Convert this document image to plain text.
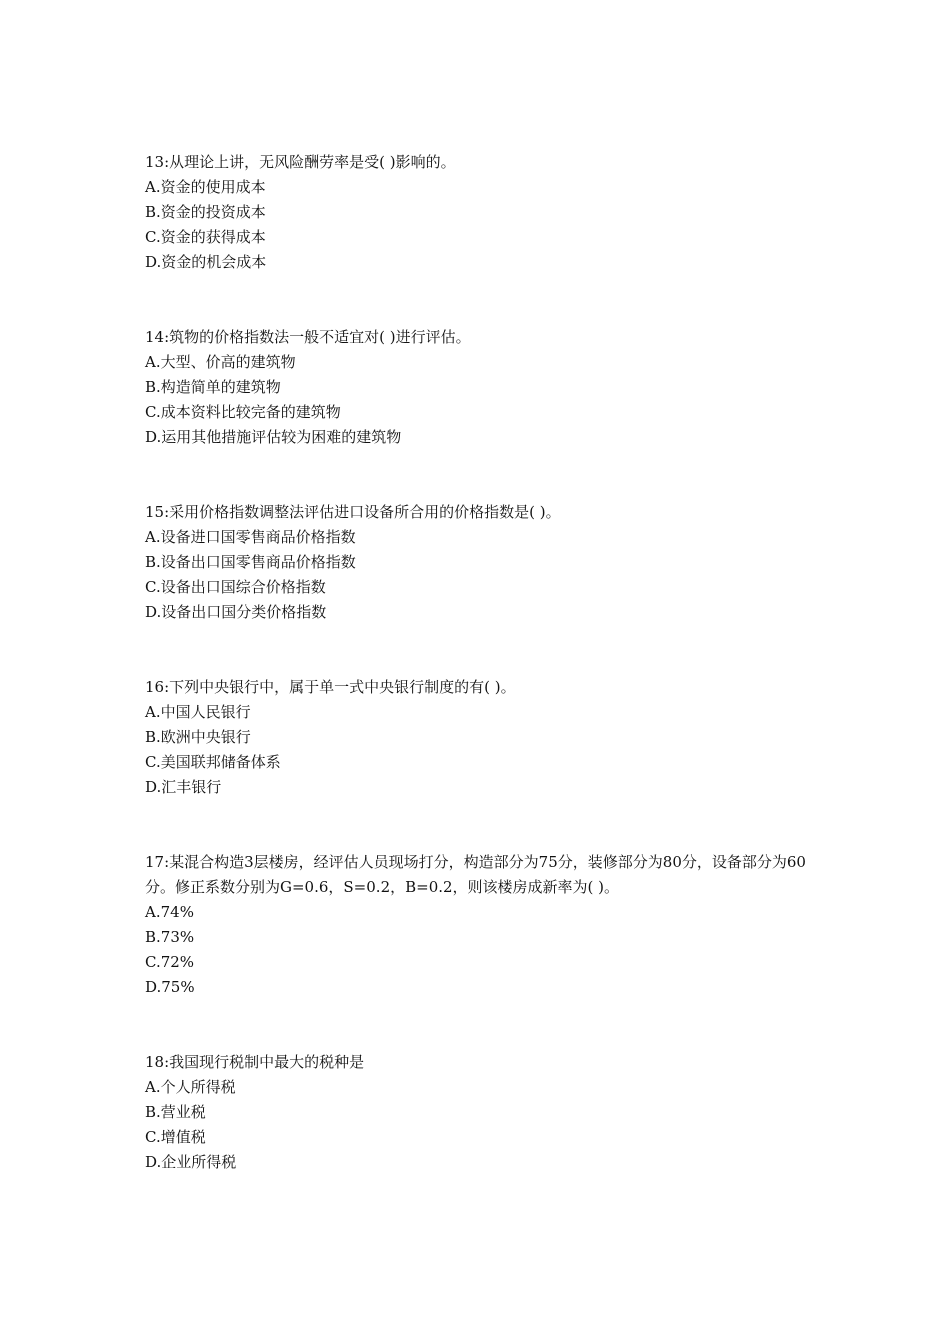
13:从理论上讲，无风险酬劳率是受( )影响的。

A.资金的使用成本

B.资金的投资成本

C.资金的获得成本

D.资金的机会成本

14:筑物的价格指数法一般不适宜对( )进行评估。

A.大型、价高的建筑物

B.构造简单的建筑物

C.成本资料比较完备的建筑物

D.运用其他措施评估较为困难的建筑物

15:采用价格指数调整法评估进口设备所合用的价格指数是( )。

A.设备进口国零售商品价格指数

B.设备出口国零售商品价格指数

C.设备出口国综合价格指数

D.设备出口国分类价格指数

16:下列中央银行中，属于单一式中央银行制度的有( )。

A.中国人民银行

B.欧洲中央银行

C.美国联邦储备体系

D.汇丰银行

17:某混合构造3层楼房，经评估人员现场打分，构造部分为75分，装修部分为80分，设备部分为60分。修正系数分别为G=0.6，S=0.2，B=0.2，则该楼房成新率为( )。

A.74%

B.73%

C.72%

D.75%

18:我国现行税制中最大的税种是

A.个人所得税

B.营业税

C.增值税

D.企业所得税
